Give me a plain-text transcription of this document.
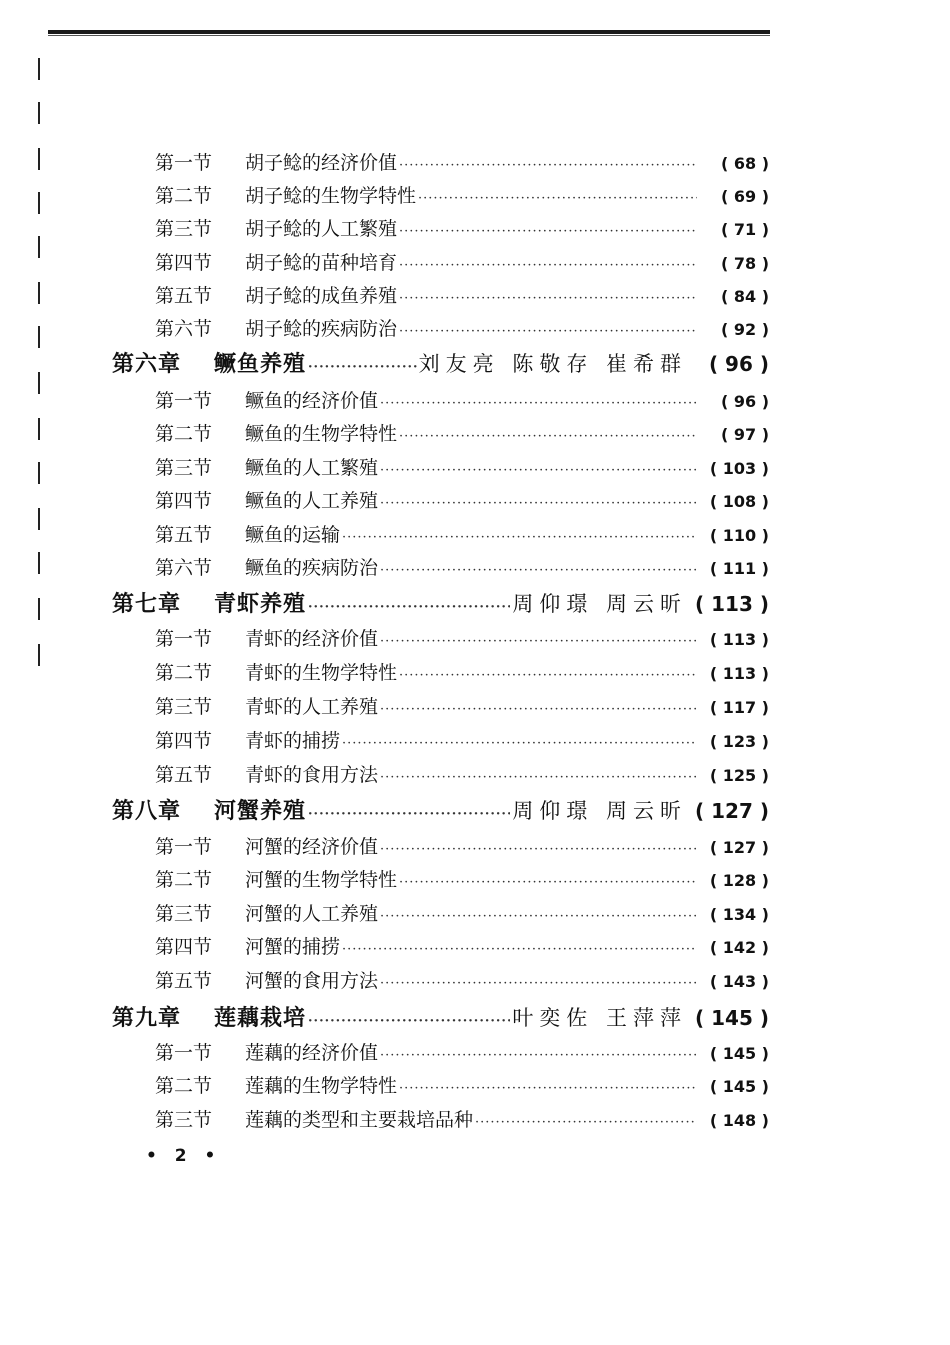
第一节	胡子鲶的经济价值 ·····	( 68 )
第二节	胡子鲶的生物学特性 ·····	( 69 )
第三节	胡子鲶的人工繁殖 ·····	( 71 )
第四节	胡子鲶的苗种培育 ·····	( 78 )
第五节	胡子鲶的成鱼养殖 ·····	( 84 )
第六节	胡子鲶的疾病防治 ·····	( 92 )
第六章	鳜鱼养殖 ·····	刘友亮 陈敬存 崔希群	( 96 )
第一节	鳜鱼的经济价值 ·····	( 96 )
第二节	鳜鱼的生物学特性 ·····	( 97 )
第三节	鳜鱼的人工繁殖 ·····	( 103 )
第四节	鳜鱼的人工养殖 ·····	( 108 )
第五节	鳜鱼的运输 ·····	( 110 )
第六节	鳜鱼的疾病防治 ·····	( 111 )
第七章	青虾养殖 ·····	周仰璟 周云昕 ( 113 )
第一节	青虾的经济价值 ·····	( 113 )
第二节	青虾的生物学特性 ·····	( 113 )
第三节	青虾的人工养殖 ·····	( 117 )
第四节	青虾的捕捞 ·····	( 123 )
第五节	青虾的食用方法 ·····	( 125 )
第八章	河蟹养殖 ·····	周仰璟 周云昕 ( 127 )
第一节	河蟹的经济价值 ·····	( 127 )
第二节	河蟹的生物学特性 ·····	( 128 )
第三节	河蟹的人工养殖 ·····	( 134 )
第四节	河蟹的捕捞 ·····	( 142 )
第五节	河蟹的食用方法 ·····	( 143 )
第九章	莲藕栽培 ·····	叶奕佐 王萍萍 ( 145 )
第一节	莲藕的经济价值 ·····	( 145 )
第二节	莲藕的生物学特性 ·····	( 145 )
第三节	莲藕的类型和主要栽培品种 ·····	( 148 )
• 2 •
